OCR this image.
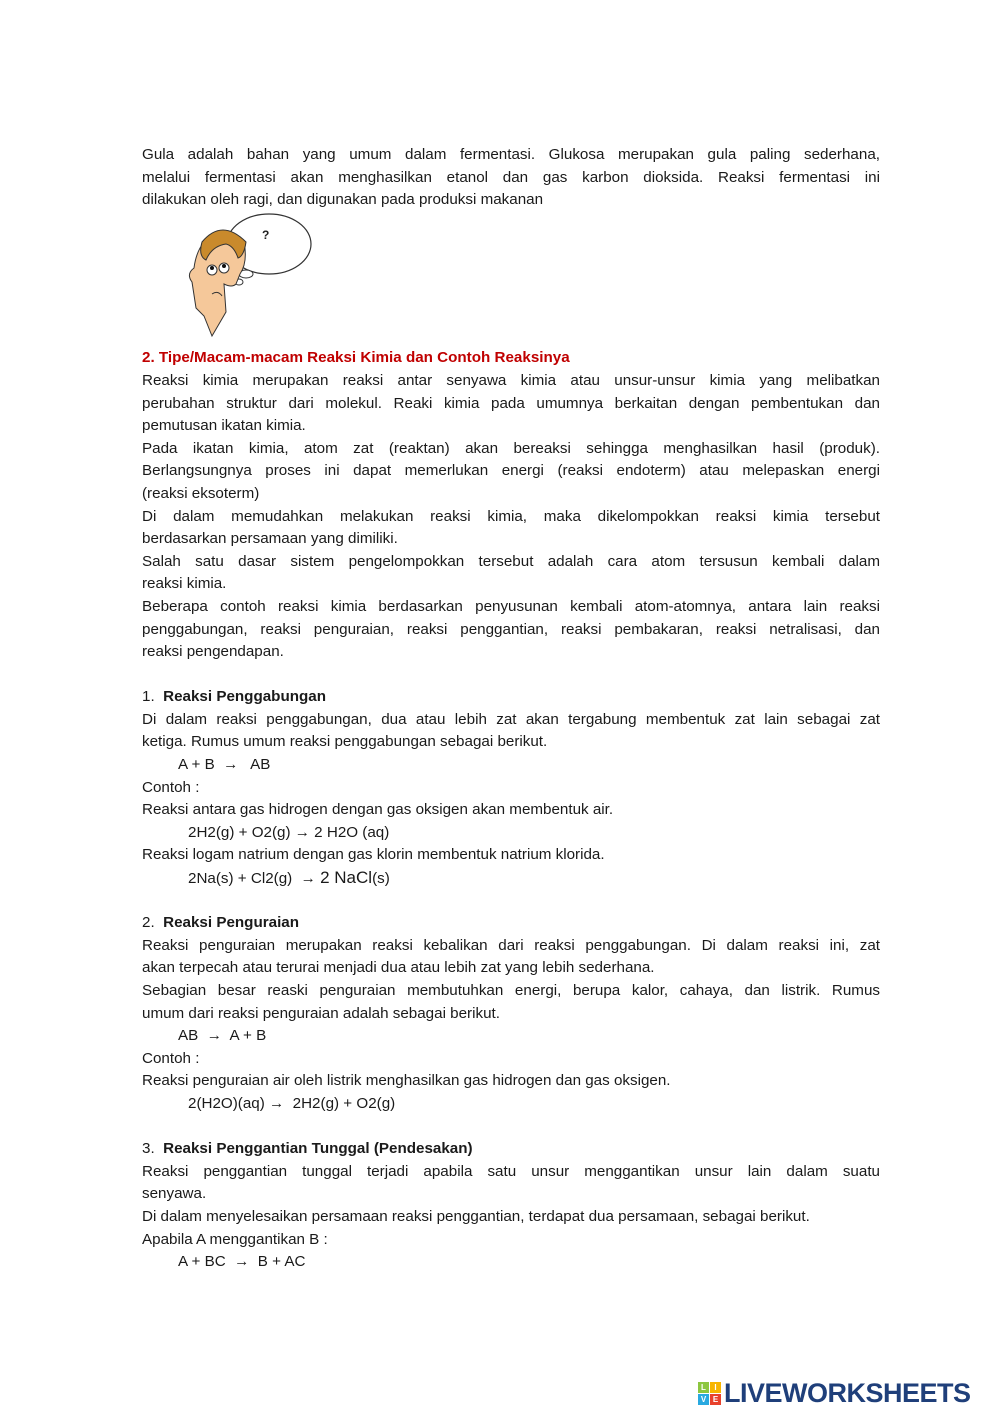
Gula adalah bahan yang umum dalam fermentasi. Glukosa merupakan gula paling sederhana,
melalui fermentasi akan menghasilkan etanol dan gas karbon dioksida. Reaksi fermentasi ini
dilakukan oleh ragi, dan digunakan pada produksi makanan
?
2. Tipe/Macam-macam Reaksi Kimia dan Contoh Reaksinya
Reaksi kimia merupakan reaksi antar senyawa kimia atau unsur-unsur kimia yang melibatkan
perubahan struktur dari molekul. Reaki kimia pada umumnya berkaitan dengan pembentukan dan
pemutusan ikatan kimia.
Pada ikatan kimia, atom zat (reaktan) akan bereaksi sehingga menghasilkan hasil (produk).
Berlangsungnya proses ini dapat memerlukan energi (reaksi endoterm) atau melepaskan energi
(reaksi eksoterm)
Di dalam memudahkan melakukan reaksi kimia, maka dikelompokkan reaksi kimia tersebut
berdasarkan persamaan yang dimiliki.
Salah satu dasar sistem pengelompokkan tersebut adalah cara atom tersusun kembali dalam
reaksi kimia.
Beberapa contoh reaksi kimia berdasarkan penyusunan kembali atom-atomnya, antara lain reaksi
penggabungan, reaksi penguraian, reaksi penggantian, reaksi pembakaran, reaksi netralisasi, dan
reaksi pengendapan.
1. Reaksi Penggabungan
Di dalam reaksi penggabungan, dua atau lebih zat akan tergabung membentuk zat lain sebagai zat
ketiga. Rumus umum reaksi penggabungan sebagai berikut.
A + B  →   AB
Contoh :
Reaksi antara gas hidrogen dengan gas oksigen akan membentuk air.
2H2(g) + O2(g) → 2 H2O (aq)
Reaksi logam natrium dengan gas klorin membentuk natrium klorida.
2Na(s) + Cl2(g)  → 2 NaCl(s)
2. Reaksi Penguraian
Reaksi penguraian merupakan reaksi kebalikan dari reaksi penggabungan. Di dalam reaksi ini, zat
akan terpecah atau terurai menjadi dua atau lebih zat yang lebih sederhana.
Sebagian besar reaski penguraian membutuhkan energi, berupa kalor, cahaya, dan listrik. Rumus
umum dari reaksi penguraian adalah sebagai berikut.
AB  →  A + B
Contoh :
Reaksi penguraian air oleh listrik menghasilkan gas hidrogen dan gas oksigen.
2(H2O)(aq) →  2H2(g) + O2(g)
3. Reaksi Penggantian Tunggal (Pendesakan)
Reaksi penggantian tunggal terjadi apabila satu unsur menggantikan unsur lain dalam suatu
senyawa.
Di dalam menyelesaikan persamaan reaksi penggantian, terdapat dua persamaan, sebagai berikut.
Apabila A menggantikan B :
A + BC  →  B + AC
L	I
V E LIVEWORKSHEETS
